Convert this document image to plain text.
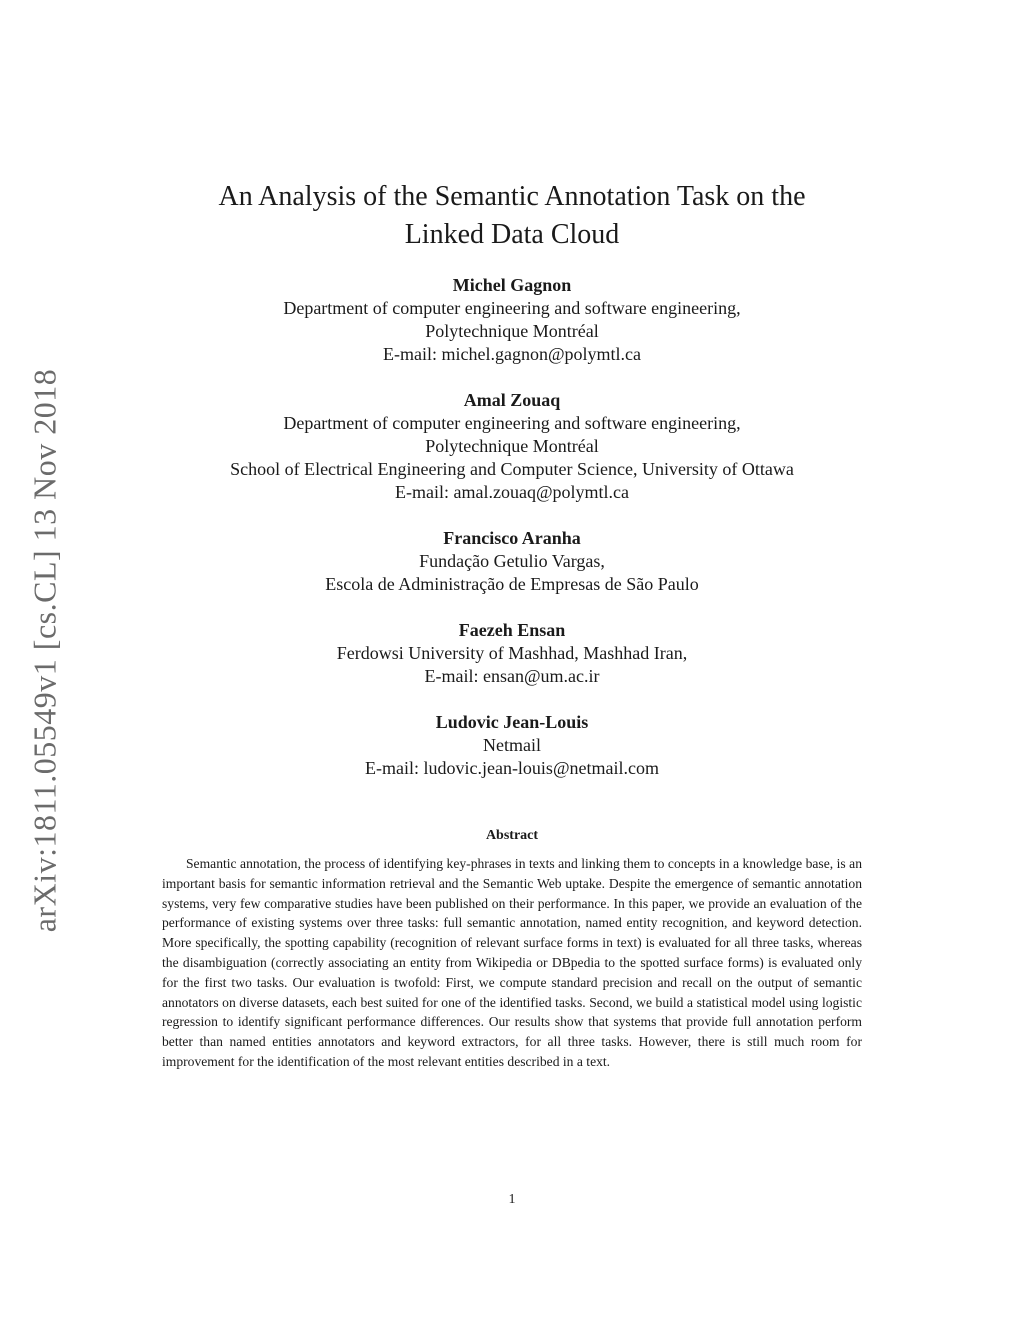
arXiv:1811.05549v1 [cs.CL] 13 Nov 2018
An Analysis of the Semantic Annotation Task on the
Linked Data Cloud
Michel Gagnon
Department of computer engineering and software engineering,
Polytechnique Montréal
E-mail: michel.gagnon@polymtl.ca
Amal Zouaq
Department of computer engineering and software engineering,
Polytechnique Montréal
School of Electrical Engineering and Computer Science, University of Ottawa
E-mail: amal.zouaq@polymtl.ca
Francisco Aranha
Fundação Getulio Vargas,
Escola de Administração de Empresas de São Paulo
Faezeh Ensan
Ferdowsi University of Mashhad, Mashhad Iran,
E-mail: ensan@um.ac.ir
Ludovic Jean-Louis
Netmail
E-mail: ludovic.jean-louis@netmail.com
Abstract

Semantic annotation, the process of identifying key-phrases in texts and linking them to concepts in a knowledge base, is an important basis for semantic information retrieval and the Semantic Web uptake. Despite the emergence of semantic annotation systems, very few comparative studies have been published on their performance. In this paper, we provide an evaluation of the performance of existing systems over three tasks: full semantic annotation, named entity recognition, and keyword detection. More specifically, the spotting capability (recognition of relevant surface forms in text) is evaluated for all three tasks, whereas the disambiguation (correctly associating an entity from Wikipedia or DBpedia to the spotted surface forms) is evaluated only for the first two tasks. Our evaluation is twofold: First, we compute standard precision and recall on the output of semantic annotators on diverse datasets, each best suited for one of the identified tasks. Second, we build a statistical model using logistic regression to identify significant performance differences. Our results show that systems that provide full annotation perform better than named entities annotators and keyword extractors, for all three tasks. However, there is still much room for improvement for the identification of the most relevant entities described in a text.

1
